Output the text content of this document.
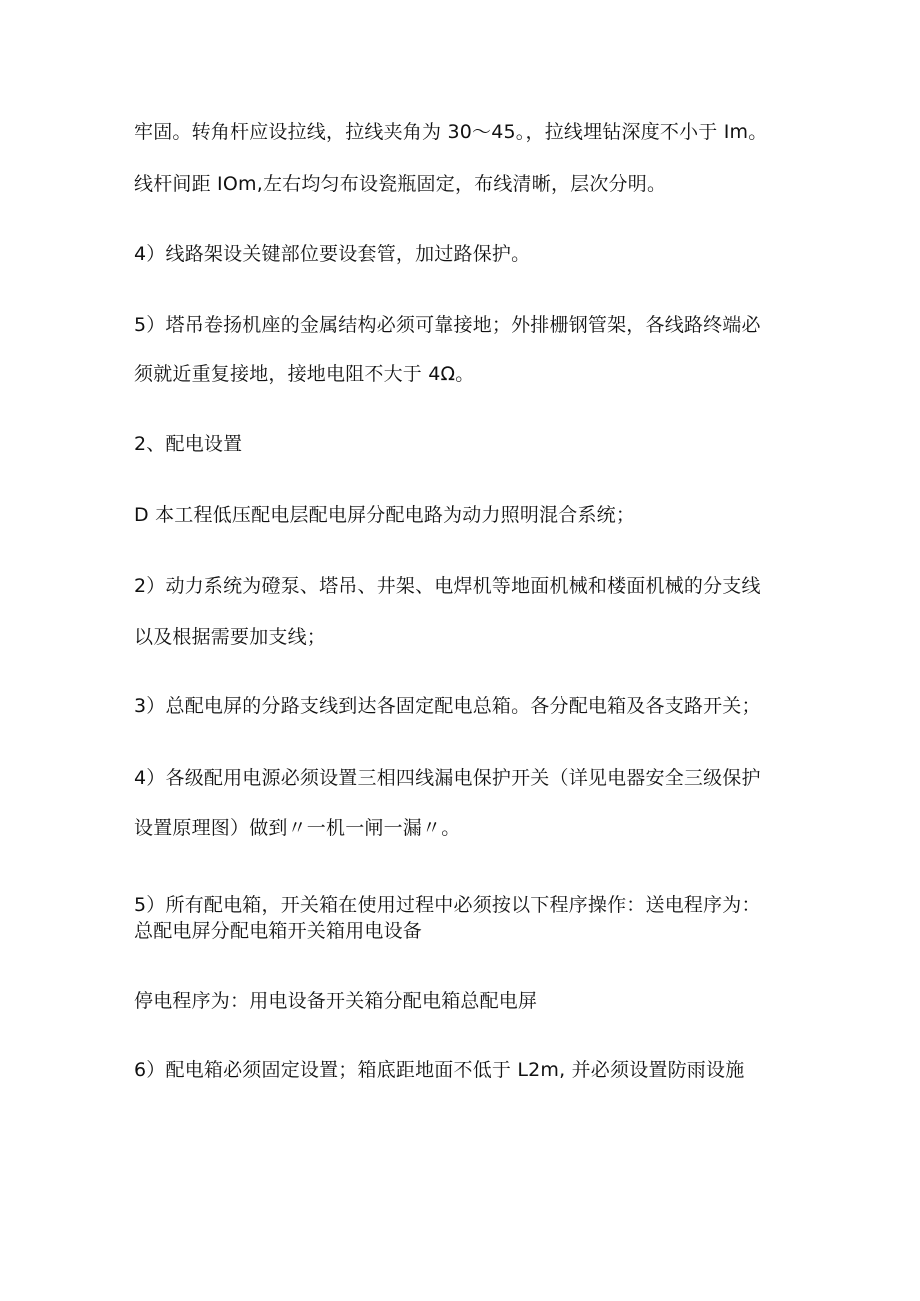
牢固。转角杆应设拉线，拉线夹角为 30～45。，拉线埋钻深度不小于 Im。
线杆间距 IOm,左右均匀布设瓷瓶固定，布线清晰，层次分明。
4）线路架设关键部位要设套管，加过路保护。
5）塔吊卷扬机座的金属结构必须可靠接地；外排栅钢管架，各线路终端必
须就近重复接地，接地电阻不大于 4Ω。
2、配电设置
D 本工程低压配电层配电屏分配电路为动力照明混合系统；
2）动力系统为磴泵、塔吊、井架、电焊机等地面机械和楼面机械的分支线
以及根据需要加支线；
3）总配电屏的分路支线到达各固定配电总箱。各分配电箱及各支路开关；
4）各级配用电源必须设置三相四线漏电保护开关（详见电器安全三级保护
设置原理图）做到〃一机一闸一漏〃。
5）所有配电箱，开关箱在使用过程中必须按以下程序操作：送电程序为：
总配电屏分配电箱开关箱用电设备
停电程序为：用电设备开关箱分配电箱总配电屏
6）配电箱必须固定设置；箱底距地面不低于 L2m, 并必须设置防雨设施
